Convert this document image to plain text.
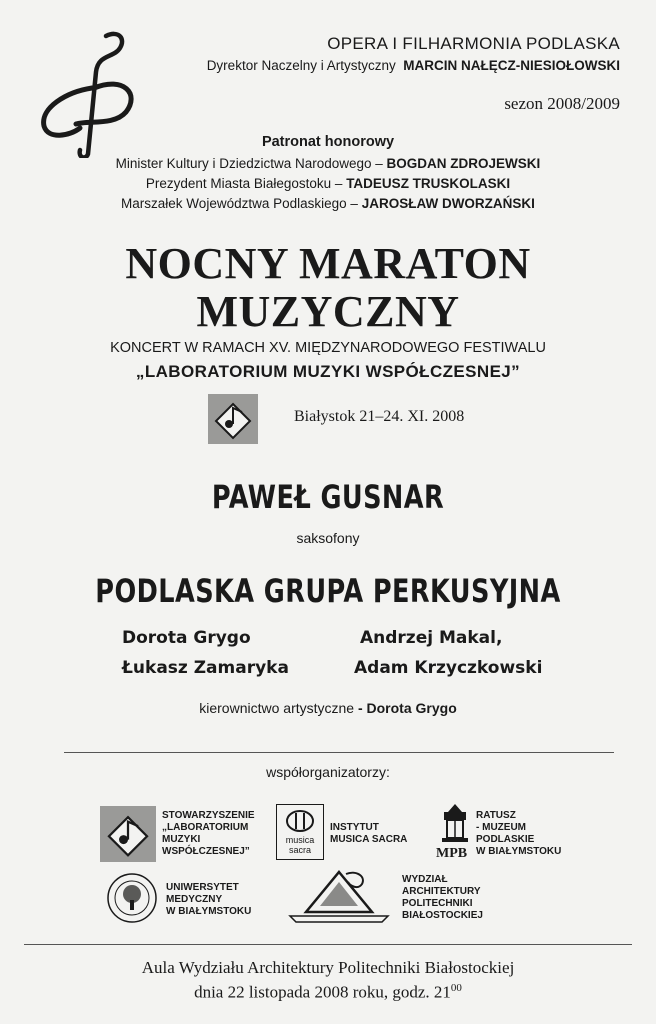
OPERA I FILHARMONIA PODLASKA
Dyrektor Naczelny i Artystyczny MARCIN NAŁĘCZ-NIESIOŁOWSKI
sezon 2008/2009
Patronat honorowy
Minister Kultury i Dziedzictwa Narodowego – BOGDAN ZDROJEWSKI
Prezydent Miasta Białegostoku – TADEUSZ TRUSKOLASKI
Marszałek Województwa Podlaskiego – JAROSŁAW DWORZAŃSKI
NOCNY MARATON
MUZYCZNY
KONCERT W RAMACH XV. MIĘDZYNARODOWEGO FESTIWALU
„LABORATORIUM MUZYKI WSPÓŁCZESNEJ”
Białystok 21–24. XI. 2008
PAWEŁ GUSNAR
saksofony
PODLASKA GRUPA PERKUSYJNA
Dorota Grygo	Andrzej Makal,
Łukasz Zamaryka	Adam Krzyczkowski
kierownictwo artystyczne - Dorota Grygo
współorganizatorzy:
STOWARZYSZENIE
„LABORATORIUM
MUZYKI
WSPÓŁCZESNEJ”
musica
sacra
INSTYTUT
MUSICA SACRA
MPB
RATUSZ
- MUZEUM
PODLASKIE
W BIAŁYMSTOKU
UNIWERSYTET
MEDYCZNY
W BIAŁYMSTOKU
WYDZIAŁ
ARCHITEKTURY
POLITECHNIKI
BIAŁOSTOCKIEJ
Aula Wydziału Architektury Politechniki Białostockiej
dnia 22 listopada 2008 roku, godz. $21^{00}$
